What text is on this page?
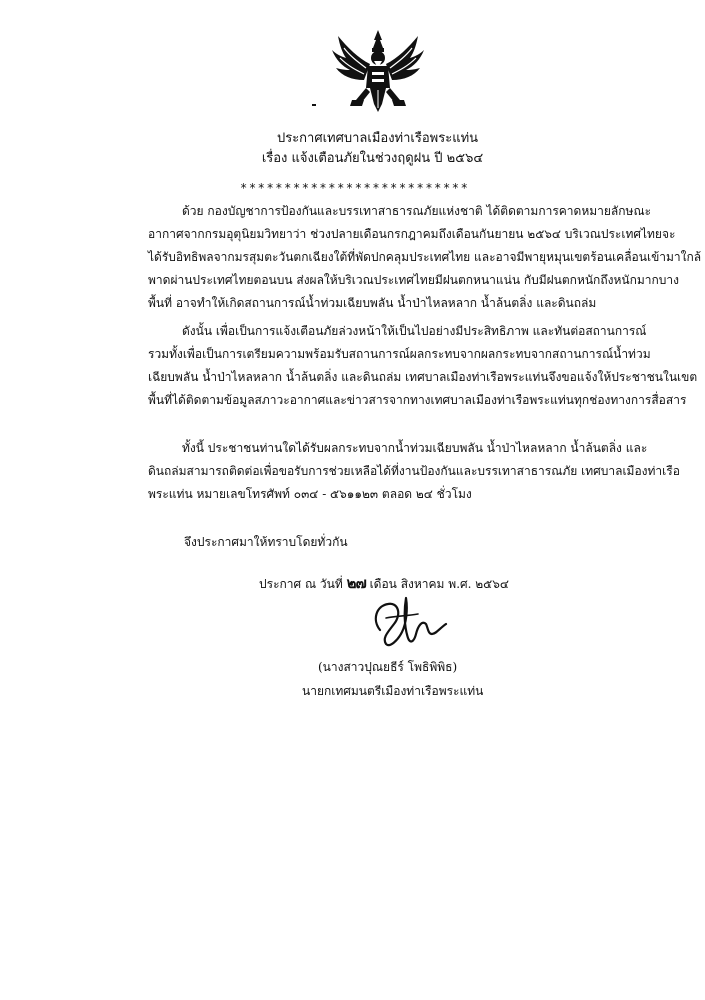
ประกาศเทศบาลเมืองท่าเรือพระแท่น
เรื่อง แจ้งเตือนภัยในช่วงฤดูฝน ปี ๒๕๖๔
**************************
ด้วย กองบัญชาการป้องกันและบรรเทาสาธารณภัยแห่งชาติ ได้ติดตามการคาดหมายลักษณะ
อากาศจากกรมอุตุนิยมวิทยาว่า ช่วงปลายเดือนกรกฎาคมถึงเดือนกันยายน ๒๕๖๔ บริเวณประเทศไทยจะ
ได้รับอิทธิพลจากมรสุมตะวันตกเฉียงใต้ที่พัดปกคลุมประเทศไทย และอาจมีพายุหมุนเขตร้อนเคลื่อนเข้ามาใกล้
พาดผ่านประเทศไทยตอนบน ส่งผลให้บริเวณประเทศไทยมีฝนตกหนาแน่น กับมีฝนตกหนักถึงหนักมากบาง
พื้นที่ อาจทำให้เกิดสถานการณ์น้ำท่วมเฉียบพลัน น้ำป่าไหลหลาก น้ำล้นตลิ่ง และดินถล่ม
ดังนั้น เพื่อเป็นการแจ้งเตือนภัยล่วงหน้าให้เป็นไปอย่างมีประสิทธิภาพ และทันต่อสถานการณ์
รวมทั้งเพื่อเป็นการเตรียมความพร้อมรับสถานการณ์ผลกระทบจากผลกระทบจากสถานการณ์น้ำท่วม
เฉียบพลัน น้ำป่าไหลหลาก น้ำล้นตลิ่ง และดินถล่ม เทศบาลเมืองท่าเรือพระแท่นจึงขอแจ้งให้ประชาชนในเขต
พื้นที่ได้ติดตามข้อมูลสภาวะอากาศและข่าวสารจากทางเทศบาลเมืองท่าเรือพระแท่นทุกช่องทางการสื่อสาร
ทั้งนี้ ประชาชนท่านใดได้รับผลกระทบจากน้ำท่วมเฉียบพลัน น้ำป่าไหลหลาก น้ำล้นตลิ่ง และ
ดินถล่มสามารถติดต่อเพื่อขอรับการช่วยเหลือได้ที่งานป้องกันและบรรเทาสาธารณภัย เทศบาลเมืองท่าเรือ
พระแท่น หมายเลขโทรศัพท์ ๐๓๔ - ๕๖๑๑๒๓ ตลอด ๒๔ ชั่วโมง
จึงประกาศมาให้ทราบโดยทั่วกัน
ประกาศ ณ วันที่ ๒๗ เดือน สิงหาคม พ.ศ. ๒๕๖๔
(นางสาวปุณยธีร์ โพธิพิพิธ)
นายกเทศมนตรีเมืองท่าเรือพระแท่น
